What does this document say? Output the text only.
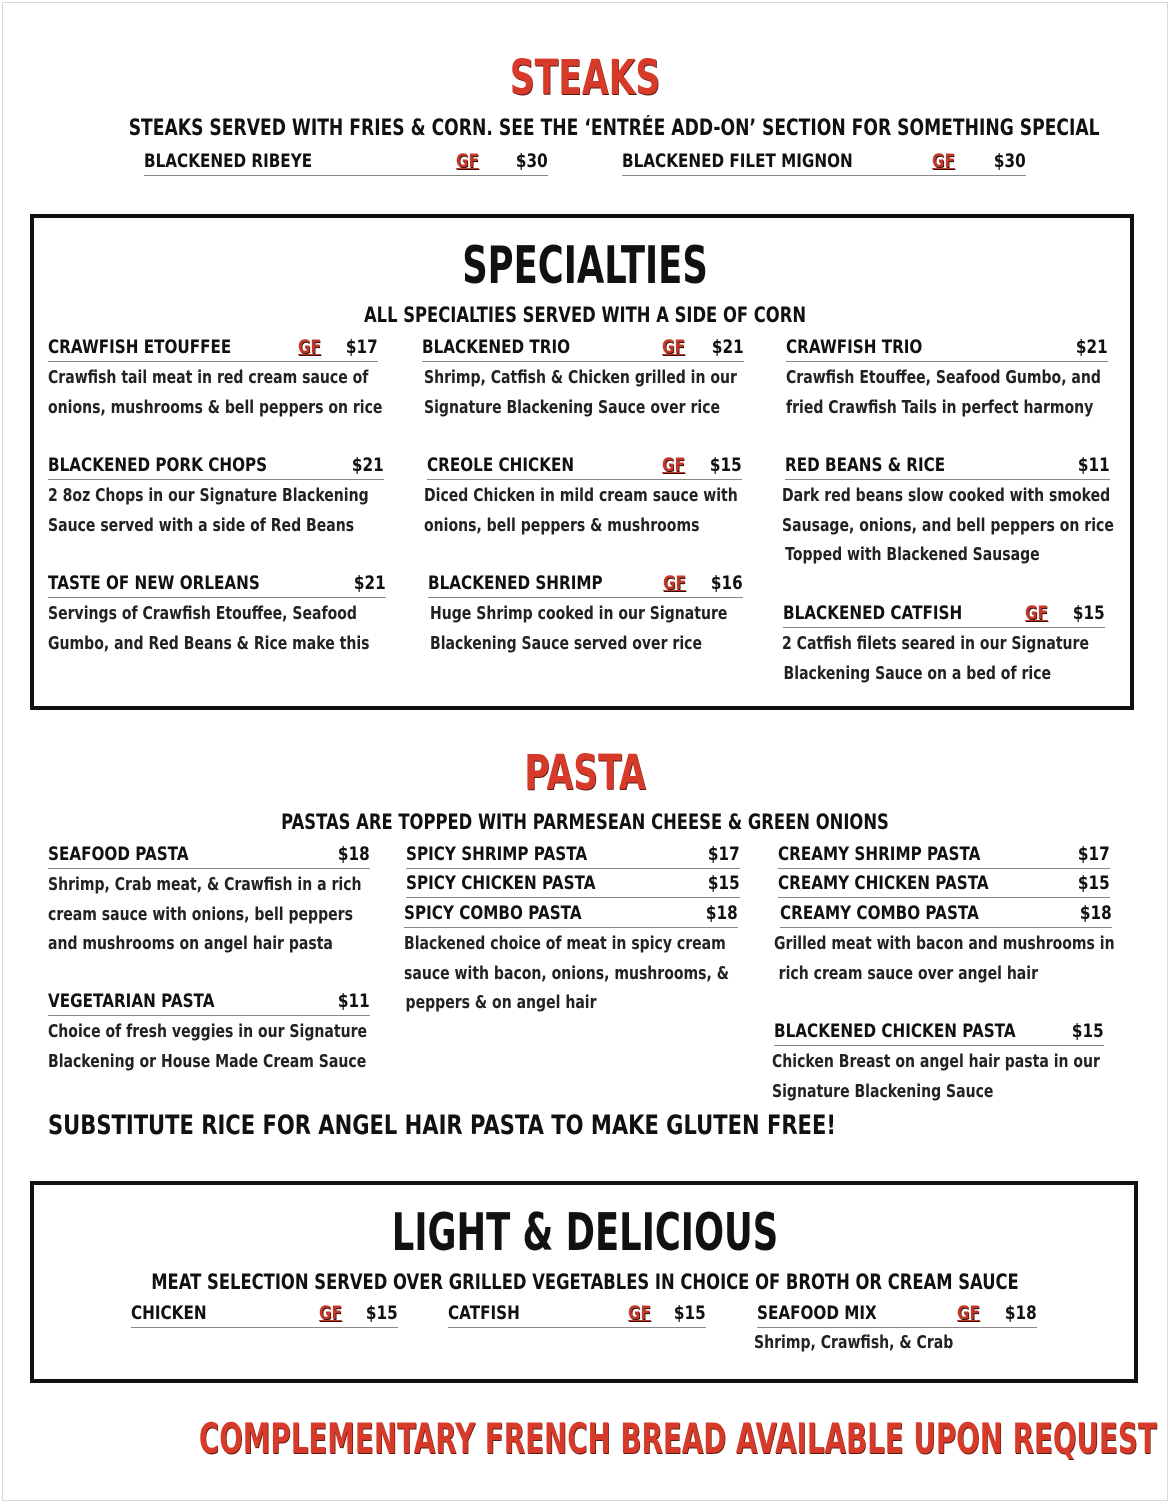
STEAKS
STEAKS SERVED WITH FRIES & CORN. SEE THE ‘ENTRÉE ADD-ON’ SECTION FOR SOMETHING SPECIAL
BLACKENED RIBEYE	GF $30	BLACKENED FILET MIGNON	GF $30
SPECIALTIES
ALL SPECIALTIES SERVED WITH A SIDE OF CORN
CRAWFISH ETOUFFEE	GF $17
Crawfish tail meat in red cream sauce of
onions, mushrooms & bell peppers on rice
BLACKENED TRIO	GF $21
Shrimp, Catfish & Chicken grilled in our
Signature Blackening Sauce over rice
CRAWFISH TRIO	$21
Crawfish Etouffee, Seafood Gumbo, and
fried Crawfish Tails in perfect harmony
BLACKENED PORK CHOPS	$21
2 8oz Chops in our Signature Blackening
Sauce served with a side of Red Beans
CREOLE CHICKEN	GF $15
Diced Chicken in mild cream sauce with
onions, bell peppers & mushrooms
RED BEANS & RICE	$11
Dark red beans slow cooked with smoked
Sausage, onions, and bell peppers on rice
Topped with Blackened Sausage
TASTE OF NEW ORLEANS	$21
Servings of Crawfish Etouffee, Seafood
Gumbo, and Red Beans & Rice make this
BLACKENED SHRIMP	GF $16
Huge Shrimp cooked in our Signature
Blackening Sauce served over rice
BLACKENED CATFISH	GF $15
2 Catfish filets seared in our Signature
Blackening Sauce on a bed of rice
PASTA
PASTAS ARE TOPPED WITH PARMESEAN CHEESE & GREEN ONIONS
SEAFOOD PASTA	$18
Shrimp, Crab meat, & Crawfish in a rich
cream sauce with onions, bell peppers
and mushrooms on angel hair pasta
VEGETARIAN PASTA	$11
Choice of fresh veggies in our Signature
Blackening or House Made Cream Sauce
SPICY SHRIMP PASTA	$17
SPICY CHICKEN PASTA	$15
SPICY COMBO PASTA	$18
Blackened choice of meat in spicy cream
sauce with bacon, onions, mushrooms, &
peppers & on angel hair
CREAMY SHRIMP PASTA	$17
CREAMY CHICKEN PASTA	$15
CREAMY COMBO PASTA	$18
Grilled meat with bacon and mushrooms in
rich cream sauce over angel hair
BLACKENED CHICKEN PASTA	$15
Chicken Breast on angel hair pasta in our
Signature Blackening Sauce
SUBSTITUTE RICE FOR ANGEL HAIR PASTA TO MAKE GLUTEN FREE!
LIGHT & DELICIOUS
MEAT SELECTION SERVED OVER GRILLED VEGETABLES IN CHOICE OF BROTH OR CREAM SAUCE
CHICKEN	GF $15	CATFISH	GF $15	SEAFOOD MIX	GF $18
Shrimp, Crawfish, & Crab
COMPLEMENTARY FRENCH BREAD AVAILABLE UPON REQUEST
